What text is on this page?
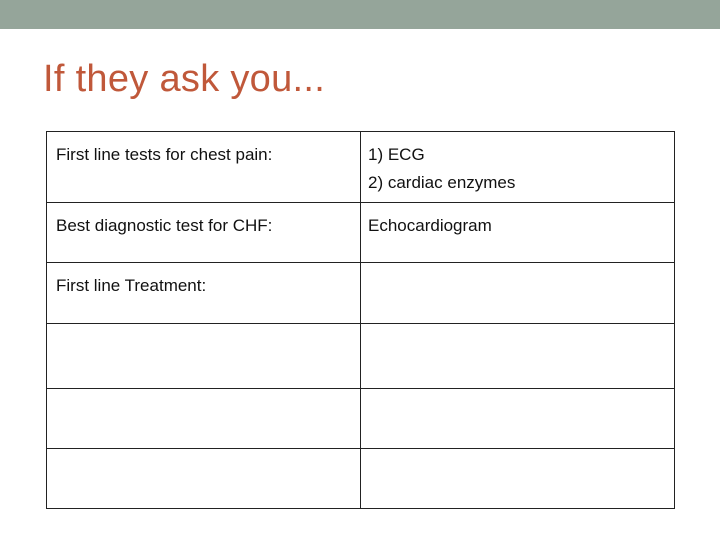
If they ask you...
First line tests for chest pain:	1) ECG
2) cardiac enzymes

Best diagnostic test for CHF:	Echocardiogram

First line Treatment:	
